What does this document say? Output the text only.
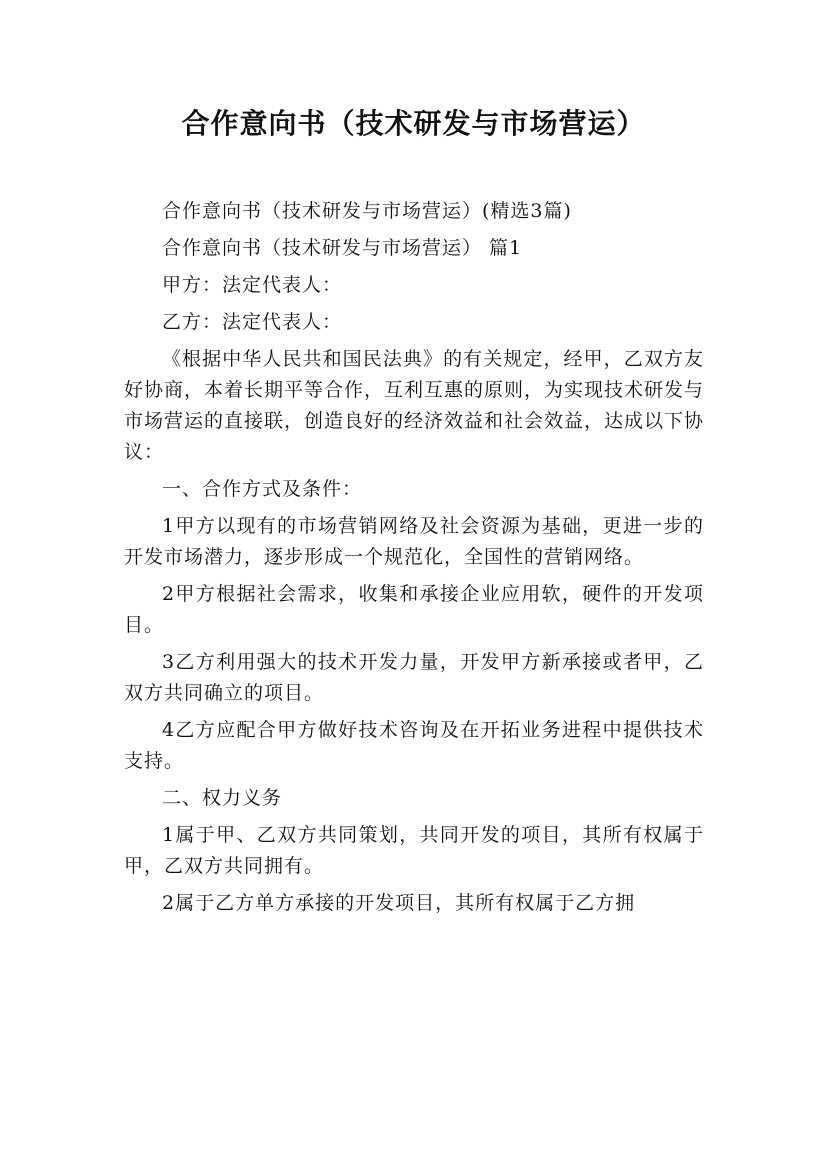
合作意向书（技术研发与市场营运）

合作意向书（技术研发与市场营运）(精选3篇)

合作意向书（技术研发与市场营运） 篇1

甲方：法定代表人：

乙方：法定代表人：

《根据中华人民共和国民法典》的有关规定，经甲，乙双方友好协商，本着长期平等合作，互利互惠的原则，为实现技术研发与市场营运的直接联，创造良好的经济效益和社会效益，达成以下协议：

一、合作方式及条件：

1甲方以现有的市场营销网络及社会资源为基础，更进一步的开发市场潜力，逐步形成一个规范化，全国性的营销网络。

2甲方根据社会需求，收集和承接企业应用软，硬件的开发项目。

3乙方利用强大的技术开发力量，开发甲方新承接或者甲，乙双方共同确立的项目。

4乙方应配合甲方做好技术咨询及在开拓业务进程中提供技术支持。

二、权力义务

1属于甲、乙双方共同策划，共同开发的项目，其所有权属于甲，乙双方共同拥有。

2属于乙方单方承接的开发项目，其所有权属于乙方拥
